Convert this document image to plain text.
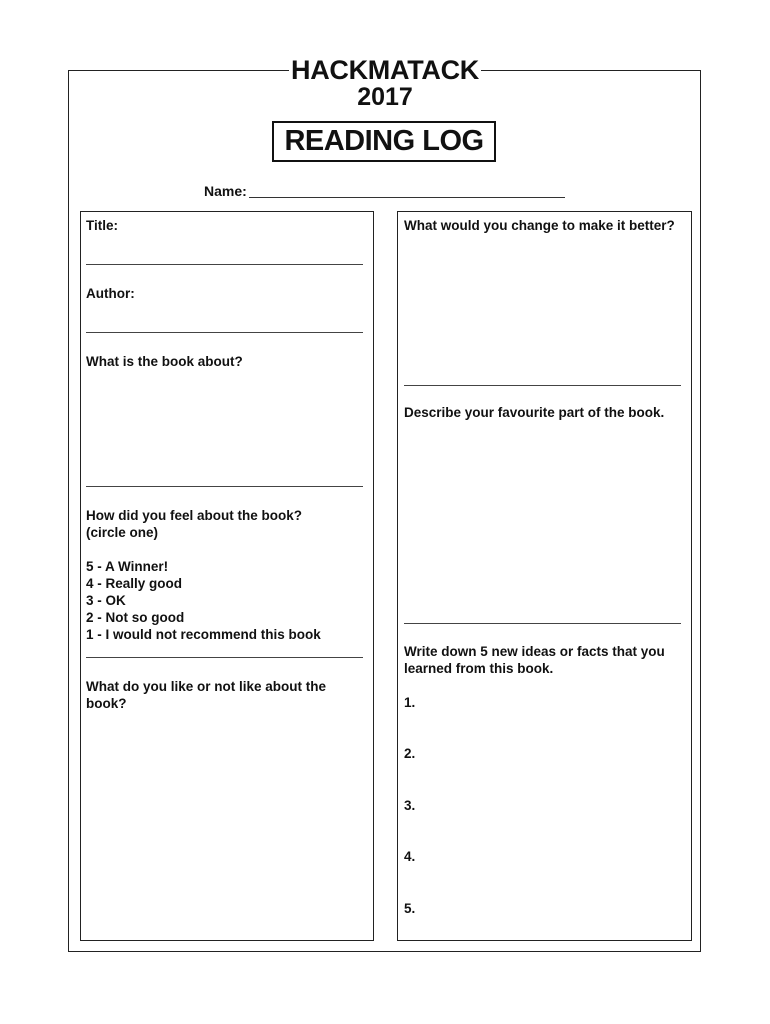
HACKMATACK
2017
READING LOG
Name:
Title:
Author:
What is the book about?
How did you feel about the book?
(circle one)
5 - A Winner!
4 - Really good
3 - OK
2 - Not so good
1 - I would not recommend this book
What do you like or not like about the
book?
What would you change to make it better?
Describe your favourite part of the book.
Write down 5 new ideas or facts that you
learned from this book.
1.
2.
3.
4.
5.
